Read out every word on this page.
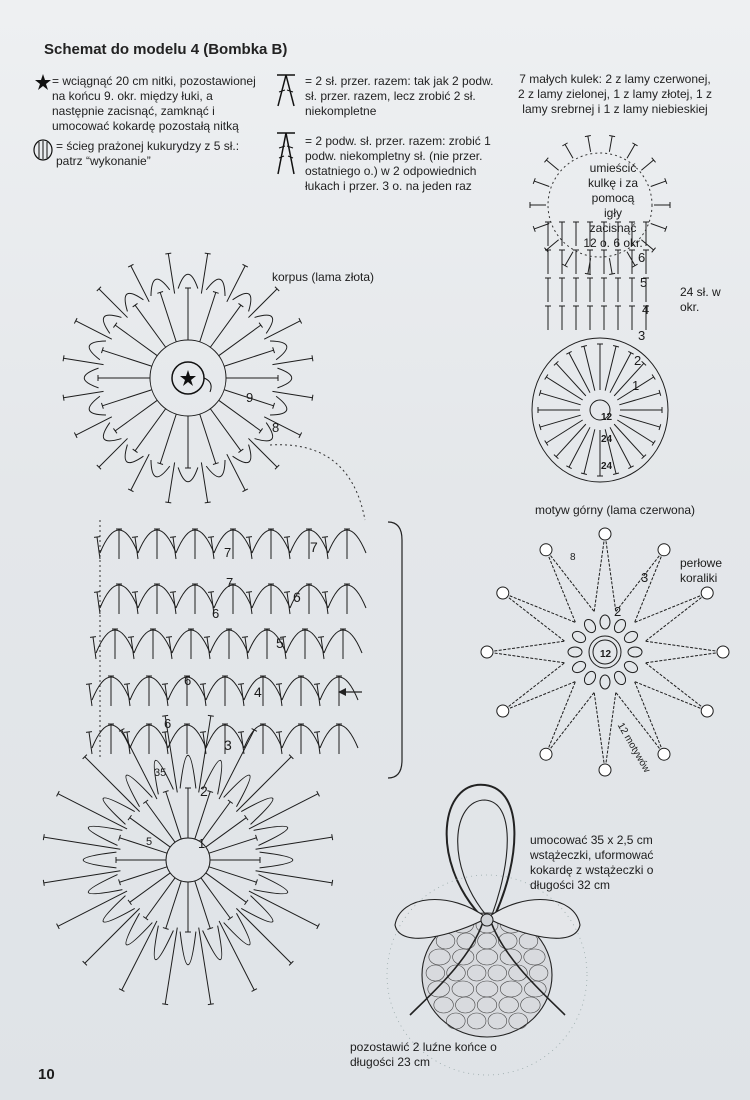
Schemat do modelu 4 (Bombka B)
= wciągnąć 20 cm nitki, pozostawionej na końcu 9. okr. między łuki, a następnie zacisnąć, zamknąć i umocować kokardę pozostałą nitką
= ścieg prażonej kukurydzy z 5 sł.: patrz “wykonanie”
= 2 sł. przer. razem: tak jak 2 podw. sł. przer. razem, lecz zrobić 2 sł. niekompletne
= 2 podw. sł. przer. razem: zrobić 1 podw. niekompletny sł. (nie przer. ostatniego o.) w 2 odpowiednich łukach i przer. 3 o. na jeden raz
7 małych kulek: 2 z lamy czerwonej, 2 z lamy zielonej, 1 z lamy złotej, 1 z lamy srebrnej i 1 z lamy niebieskiej
korpus (lama złota)
umieścić kulkę i za pomocą igły zacisnąć 12 o. 6 okr.
24 sł. w okr.
6
5
4
3
2
1
12
24
24
9
8
7
7
7
6
6
5
6
4
6
3
35
2
5	1
motyw górny (lama czerwona)
perłowe koraliki
8
3
2
12
12 motywów
umocować 35 x 2,5 cm wstążeczki, uformować kokardę z wstążeczki o długości 32 cm
pozostawić 2 luźne końce o długości 23 cm
10
